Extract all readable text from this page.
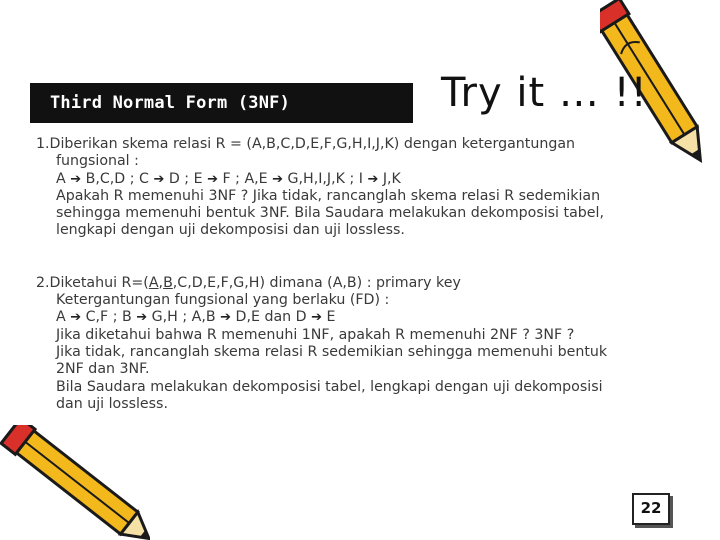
Third Normal Form (3NF)	Try it … !!
1.Diberikan skema relasi R = (A,B,C,D,E,F,G,H,I,J,K) dengan ketergantungan
fungsional :
A ➔ B,C,D ; C ➔ D ; E ➔ F ; A,E ➔ G,H,I,J,K ; I ➔ J,K
Apakah R memenuhi 3NF ? Jika tidak, rancanglah skema relasi R sedemikian
sehingga memenuhi bentuk 3NF. Bila Saudara melakukan dekomposisi tabel,
lengkapi dengan uji dekomposisi dan uji lossless.
2.Diketahui R=(A,B,C,D,E,F,G,H) dimana (A,B) : primary key
Ketergantungan fungsional yang berlaku (FD) :
A ➔ C,F ; B ➔ G,H ; A,B ➔ D,E dan D ➔ E
Jika diketahui bahwa R memenuhi 1NF, apakah R memenuhi 2NF ? 3NF ?
Jika tidak, rancanglah skema relasi R sedemikian sehingga memenuhi bentuk
2NF dan 3NF.
Bila Saudara melakukan dekomposisi tabel, lengkapi dengan uji dekomposisi
dan uji lossless.
22
